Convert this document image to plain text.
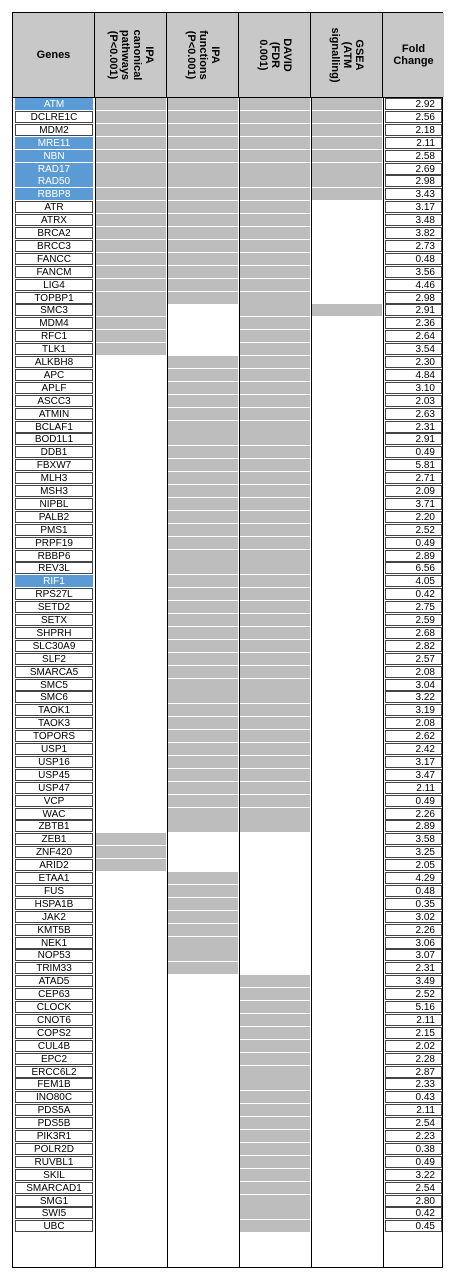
Genes	IPA
canonical
pathways
(P<0.001)	IPA
functions
(P<0.001)	DAVID
(FDR
0.001)	GSEA
(ATM
signalling)	Fold
Change
ATM	2.92
DCLRE1C	2.56
MDM2	2.18
MRE11	2.11
NBN	2.58
RAD17	2.69
RAD50	2.98
RBBP8	3.43
ATR	3.17
ATRX	3.48
BRCA2	3.82
BRCC3	2.73
FANCC	0.48
FANCM	3.56
LIG4	4.46
TOPBP1	2.98
SMC3	2.91
MDM4	2.36
RFC1	2.64
TLK1	3.54
ALKBH8	2.30
APC	4.84
APLF	3.10
ASCC3	2.03
ATMIN	2.63
BCLAF1	2.31
BOD1L1	2.91
DDB1	0.49
FBXW7	5.81
MLH3	2.71
MSH3	2.09
NIPBL	3.71
PALB2	2.20
PMS1	2.52
PRPF19	0.49
RBBP6	2.89
REV3L	6.56
RIF1	4.05
RPS27L	0.42
SETD2	2.75
SETX	2.59
SHPRH	2.68
SLC30A9	2.82
SLF2	2.57
SMARCA5	2.08
SMC5	3.04
SMC6	3.22
TAOK1	3.19
TAOK3	2.08
TOPORS	2.62
USP1	2.42
USP16	3.17
USP45	3.47
USP47	2.11
VCP	0.49
WAC	2.26
ZBTB1	2.89
ZEB1	3.58
ZNF420	3.25
ARID2	2.05
ETAA1	4.29
FUS	0.48
HSPA1B	0.35
JAK2	3.02
KMT5B	2.26
NEK1	3.06
NOP53	3.07
TRIM33	2.31
ATAD5	3.49
CEP63	2.52
CLOCK	5.16
CNOT6	2.11
COPS2	2.15
CUL4B	2.02
EPC2	2.28
ERCC6L2	2.87
FEM1B	2.33
INO80C	0.43
PDS5A	2.11
PDS5B	2.54
PIK3R1	2.23
POLR2D	0.38
RUVBL1	0.49
SKIL	3.22
SMARCAD1	2.54
SMG1	2.80
SWI5	0.42
UBC	0.45
